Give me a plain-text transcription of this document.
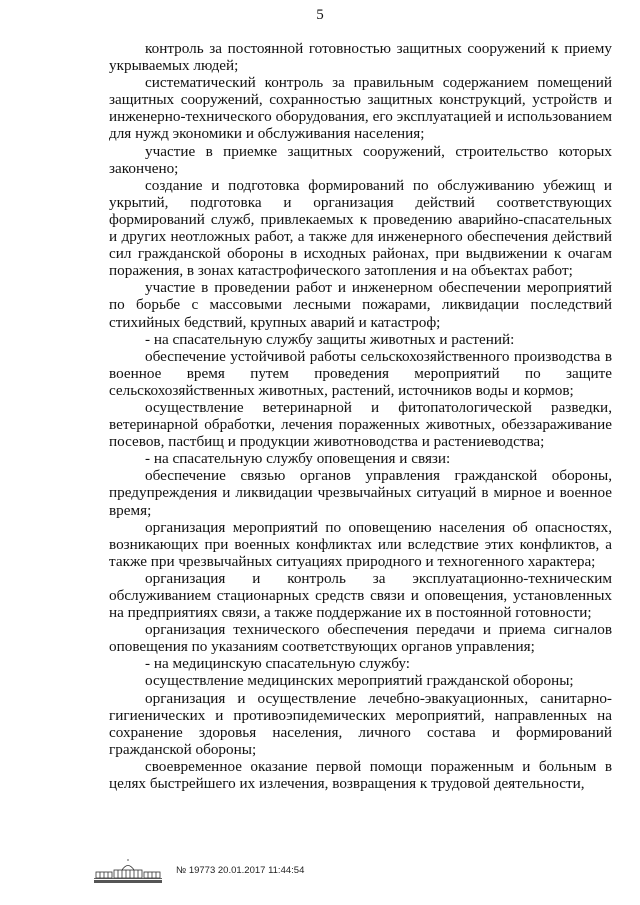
5

контроль за постоянной готовностью защитных сооружений к приему укрываемых людей;

систематический контроль за правильным содержанием помещений защитных сооружений, сохранностью защитных конструкций, устройств и инженерно-технического оборудования, его эксплуатацией и использованием для нужд экономики и обслуживания населения;

участие в приемке защитных сооружений, строительство которых закончено;

создание и подготовка формирований по обслуживанию убежищ и укрытий, подготовка и организация действий соответствующих формирований служб, привлекаемых к проведению аварийно-спасательных и других неотложных работ, а также для инженерного обеспечения действий сил гражданской обороны в исходных районах, при выдвижении к очагам поражения, в зонах катастрофического затопления и на объектах работ;

участие в проведении работ и инженерном обеспечении мероприятий по борьбе с массовыми лесными пожарами, ликвидации последствий стихийных бедствий, крупных аварий и катастроф;

- на спасательную службу защиты животных и растений:

обеспечение устойчивой работы сельскохозяйственного производства в военное время путем проведения мероприятий по защите сельскохозяйственных животных, растений, источников воды и кормов;

осуществление ветеринарной и фитопатологической разведки, ветеринарной обработки, лечения пораженных животных, обеззараживание посевов, пастбищ и продукции животноводства и растениеводства;

- на спасательную службу оповещения и связи:

обеспечение связью органов управления гражданской обороны, предупреждения и ликвидации чрезвычайных ситуаций в мирное и военное время;

организация мероприятий по оповещению населения об опасностях, возникающих при военных конфликтах или вследствие этих конфликтов, а также при чрезвычайных ситуациях природного и техногенного характера;

организация и контроль за эксплуатационно-техническим обслуживанием стационарных средств связи и оповещения, установленных на предприятиях связи, а также поддержание их в постоянной готовности;

организация технического обеспечения передачи и приема сигналов оповещения по указаниям соответствующих органов управления;

- на медицинскую спасательную службу:

осуществление медицинских мероприятий гражданской обороны;

организация и осуществление лечебно-эвакуационных, санитарно-гигиенических и противоэпидемических мероприятий, направленных на сохранение здоровья населения, личного состава и формирований гражданской обороны;

своевременное оказание первой помощи пораженным и больным в целях быстрейшего их излечения, возвращения к трудовой деятельности,

№ 19773 20.01.2017 11:44:54
